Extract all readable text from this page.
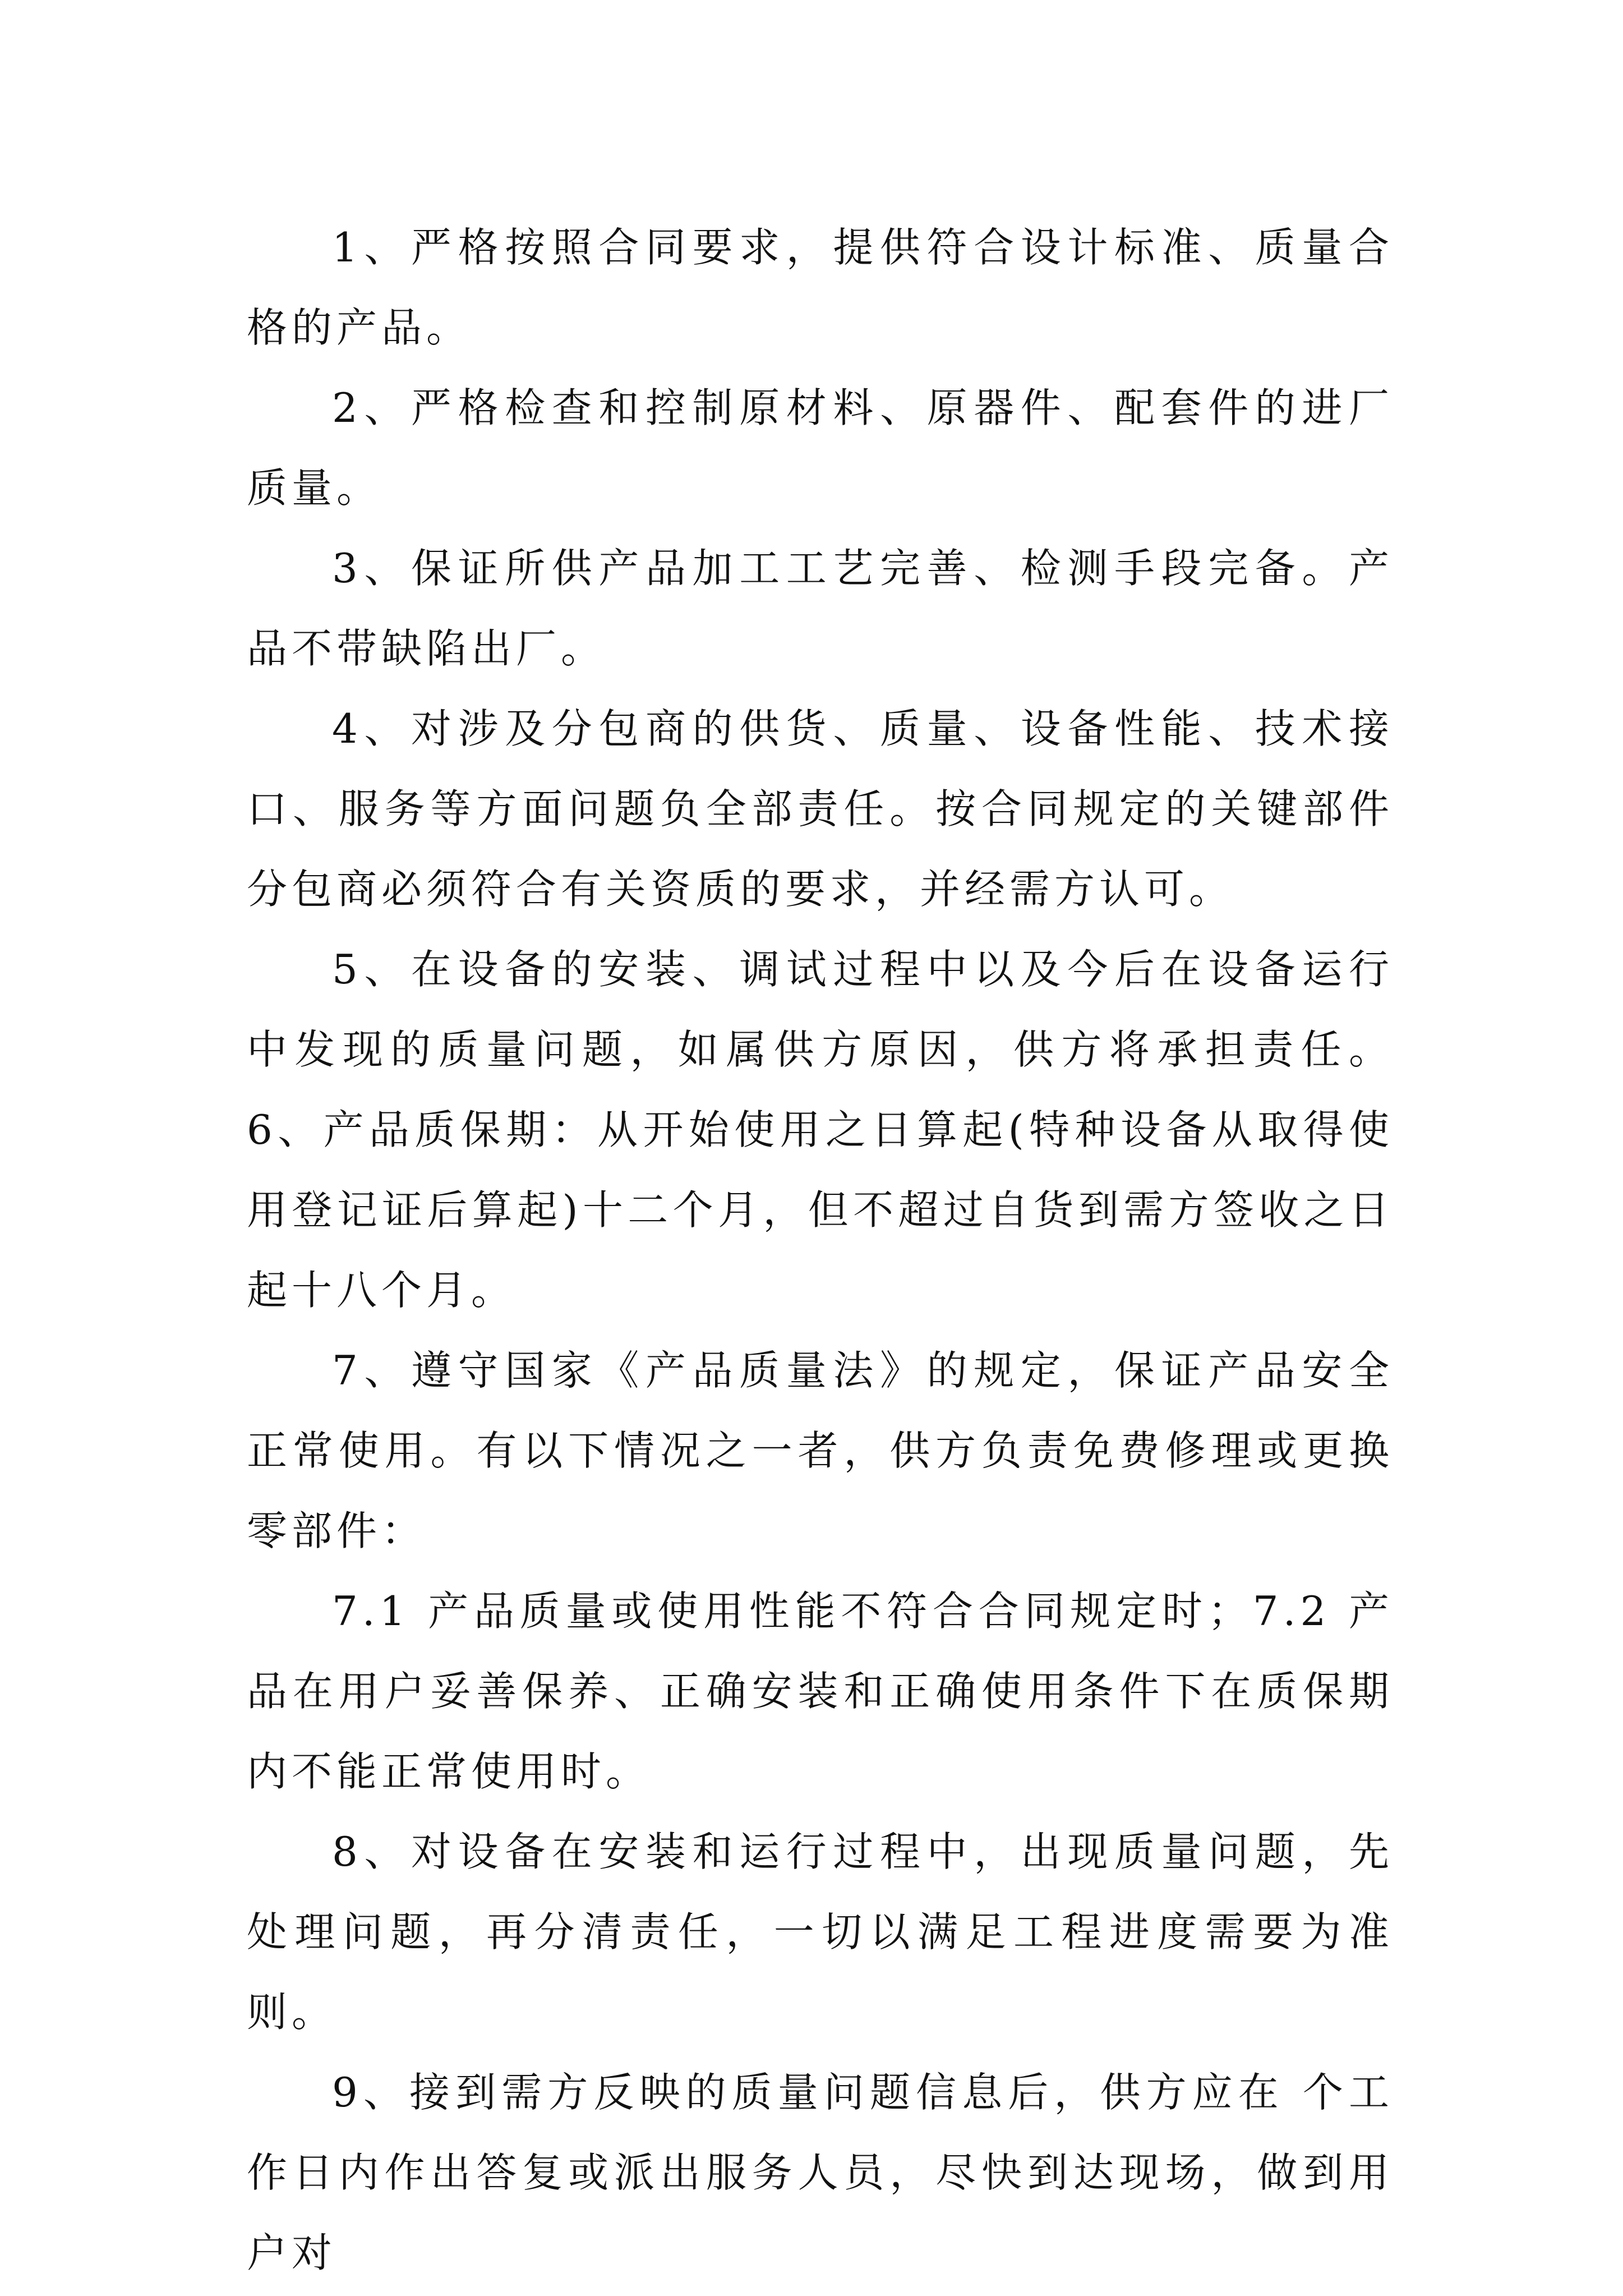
1、严格按照合同要求，提供符合设计标准、质量合格的产品。

2、严格检查和控制原材料、原器件、配套件的进厂质量。

3、保证所供产品加工工艺完善、检测手段完备。产品不带缺陷出厂。

4、对涉及分包商的供货、质量、设备性能、技术接口、服务等方面问题负全部责任。按合同规定的关键部件分包商必须符合有关资质的要求，并经需方认可。

5、在设备的安装、调试过程中以及今后在设备运行中发现的质量问题，如属供方原因，供方将承担责任。 6、产品质保期：从开始使用之日算起(特种设备从取得使用登记证后算起)十二个月，但不超过自货到需方签收之日起十八个月。

7、遵守国家《产品质量法》的规定，保证产品安全正常使用。有以下情况之一者，供方负责免费修理或更换零部件：

7.1 产品质量或使用性能不符合合同规定时；7.2 产品在用户妥善保养、正确安装和正确使用条件下在质保期内不能正常使用时。

8、对设备在安装和运行过程中，出现质量问题，先处理问题，再分清责任，一切以满足工程进度需要为准则。

9、接到需方反映的质量问题信息后，供方应在 个工作日内作出答复或派出服务人员，尽快到达现场，做到用户对
